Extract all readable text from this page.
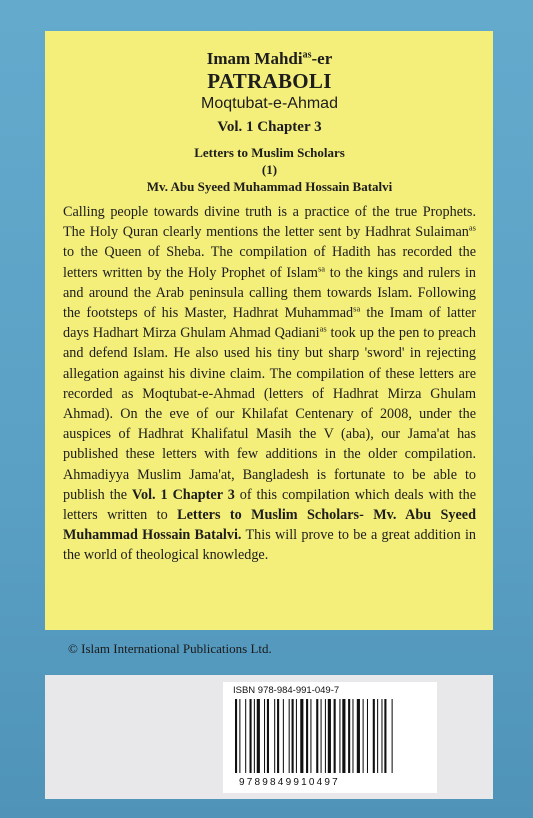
Imam Mahdi$^{as}$-er
PATRABOLI
Moqtubat-e-Ahmad
Vol. 1 Chapter 3
Letters to Muslim Scholars
(1)
Mv. Abu Syeed Muhammad Hossain Batalvi
Calling people towards divine truth is a practice of the true Prophets. The Holy Quran clearly mentions the letter sent by Hadhrat Sulaiman$^{as}$ to the Queen of Sheba. The compilation of Hadith has recorded the letters written by the Holy Prophet of Islam$^{sa}$ to the kings and rulers in and around the Arab peninsula calling them towards Islam. Following the footsteps of his Master, Hadhrat Muhammad$^{sa}$ the Imam of latter days Hadhart Mirza Ghulam Ahmad Qadiani$^{as}$ took up the pen to preach and defend Islam. He also used his tiny but sharp 'sword' in rejecting allegation against his divine claim. The compilation of these letters are recorded as Moqtubat-e-Ahmad (letters of Hadhrat Mirza Ghulam Ahmad). On the eve of our Khilafat Centenary of 2008, under the auspices of Hadhrat Khalifatul Masih the V (aba), our Jama'at has published these letters with few additions in the older compilation. Ahmadiyya Muslim Jama'at, Bangladesh is fortunate to be able to publish the Vol. 1 Chapter 3 of this compilation which deals with the letters written to Letters to Muslim Scholars- Mv. Abu Syeed Muhammad Hossain Batalvi. This will prove to be a great addition in the world of theological knowledge.
© Islam International Publications Ltd.
ISBN 978-984-991-049-7
9789849910497
